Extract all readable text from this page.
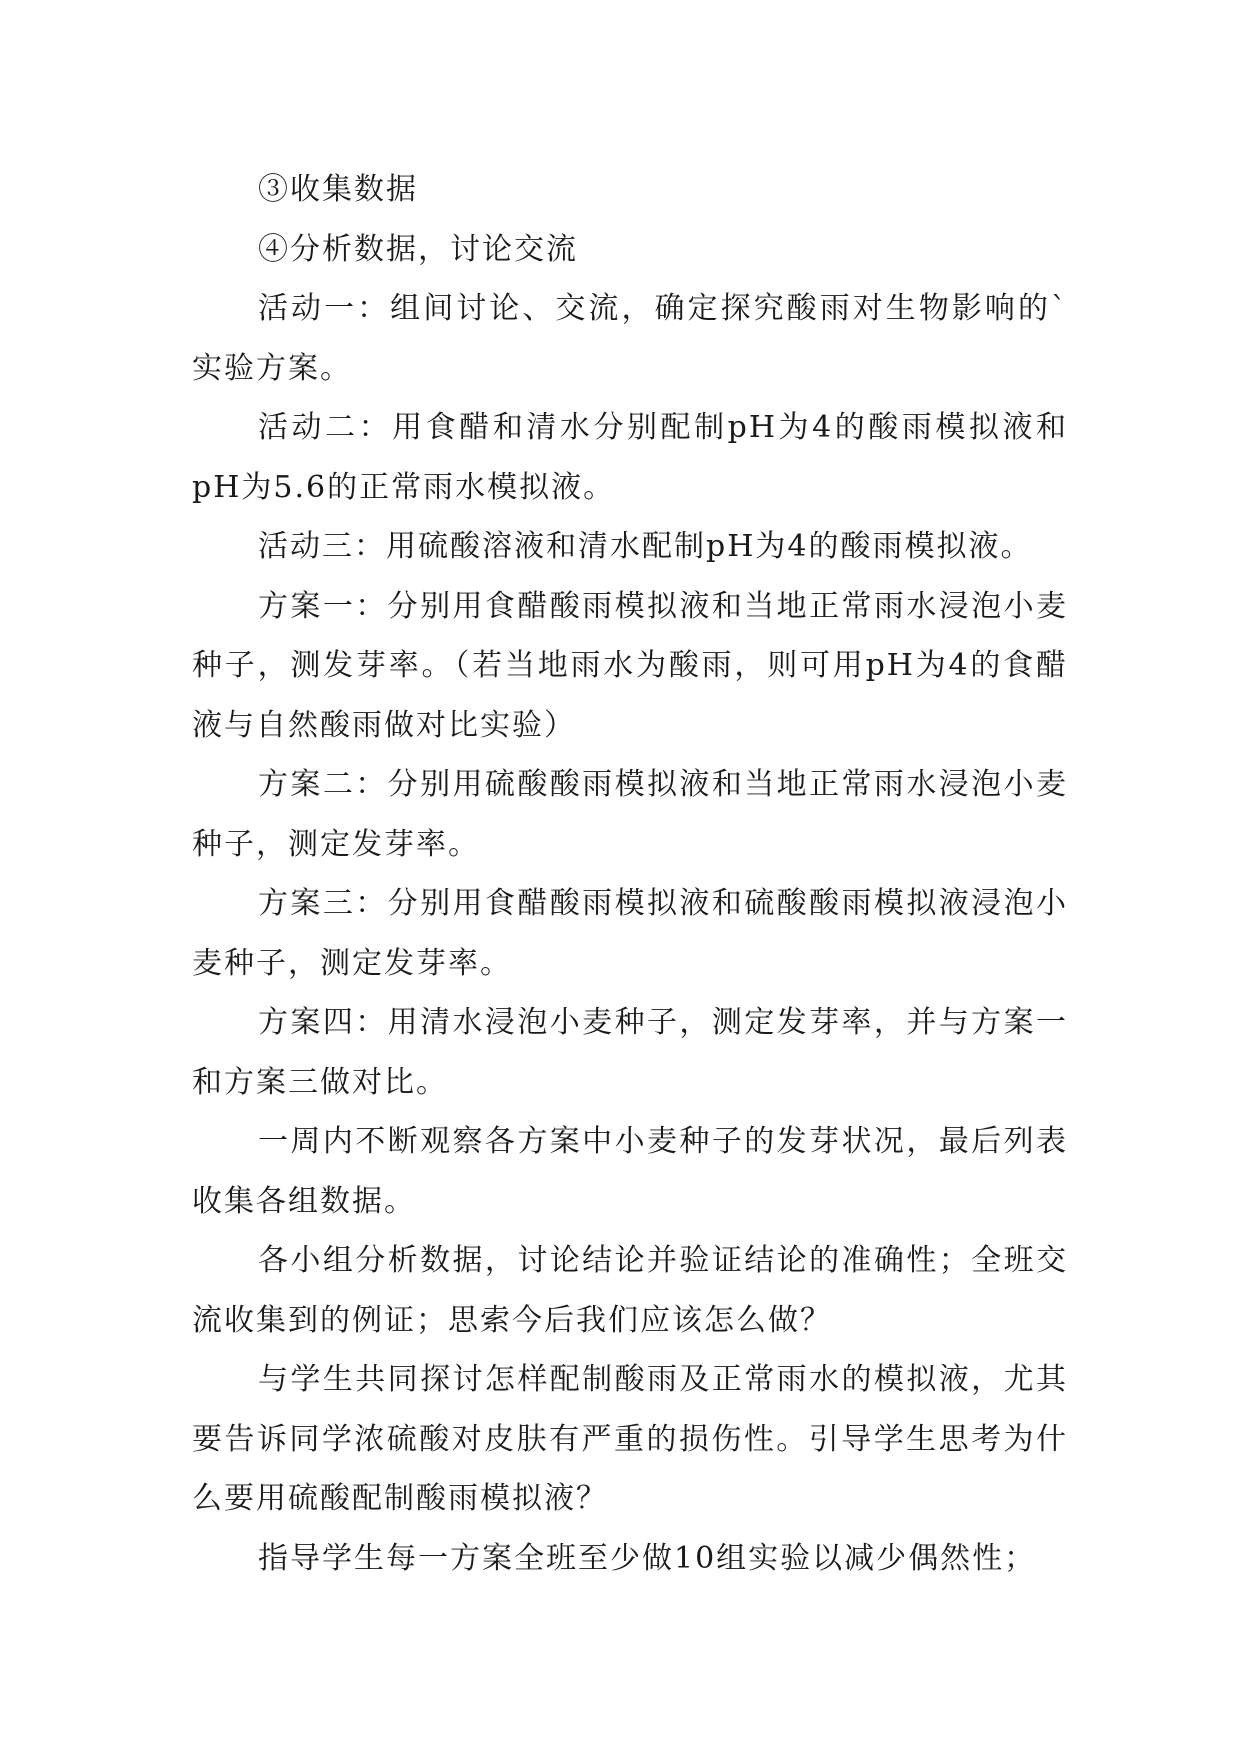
③收集数据

④分析数据，讨论交流

活动一：组间讨论、交流，确定探究酸雨对生物影响的`实验方案。

活动二：用食醋和清水分别配制pH为4的酸雨模拟液和pH为5.6的正常雨水模拟液。

活动三：用硫酸溶液和清水配制pH为4的酸雨模拟液。

方案一：分别用食醋酸雨模拟液和当地正常雨水浸泡小麦种子，测发芽率。（若当地雨水为酸雨，则可用pH为4的食醋液与自然酸雨做对比实验）

方案二：分别用硫酸酸雨模拟液和当地正常雨水浸泡小麦种子，测定发芽率。

方案三：分别用食醋酸雨模拟液和硫酸酸雨模拟液浸泡小麦种子，测定发芽率。

方案四：用清水浸泡小麦种子，测定发芽率，并与方案一和方案三做对比。

一周内不断观察各方案中小麦种子的发芽状况，最后列表收集各组数据。

各小组分析数据，讨论结论并验证结论的准确性；全班交流收集到的例证；思索今后我们应该怎么做？

与学生共同探讨怎样配制酸雨及正常雨水的模拟液，尤其要告诉同学浓硫酸对皮肤有严重的损伤性。引导学生思考为什么要用硫酸配制酸雨模拟液？

指导学生每一方案全班至少做10组实验以减少偶然性；
